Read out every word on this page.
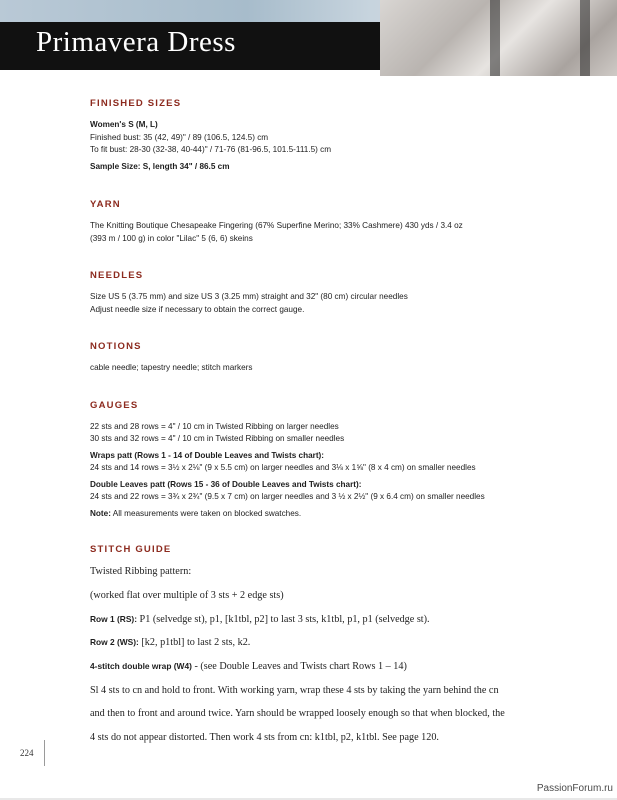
Primavera Dress

FINISHED SIZES

Women's S (M, L)

Finished bust: 35 (42, 49)" / 89 (106.5, 124.5) cm

To fit bust: 28-30 (32-38, 40-44)" / 71-76 (81-96.5, 101.5-111.5) cm

Sample Size: S, length 34" / 86.5 cm

YARN

The Knitting Boutique Chesapeake Fingering (67% Superfine Merino; 33% Cashmere) 430 yds / 3.4 oz

(393 m / 100 g) in color "Lilac" 5 (6, 6) skeins

NEEDLES

Size US 5 (3.75 mm) and size US 3 (3.25 mm) straight and 32" (80 cm) circular needles

Adjust needle size if necessary to obtain the correct gauge.

NOTIONS

cable needle; tapestry needle; stitch markers

GAUGES

22 sts and 28 rows = 4" / 10 cm in Twisted Ribbing on larger needles

30 sts and 32 rows = 4" / 10 cm in Twisted Ribbing on smaller needles

Wraps patt (Rows 1 - 14 of Double Leaves and Twists chart):

24 sts and 14 rows = 3½ x 2⅛" (9 x 5.5 cm) on larger needles and 3⅛ x 1⅝" (8 x 4 cm) on smaller needles

Double Leaves patt (Rows 15 - 36 of Double Leaves and Twists chart):

24 sts and 22 rows = 3¾ x 2¾" (9.5 x 7 cm) on larger needles and 3 ½ x 2½" (9 x 6.4 cm) on smaller needles

Note: All measurements were taken on blocked swatches.

STITCH GUIDE

Twisted Ribbing pattern:

(worked flat over multiple of 3 sts + 2 edge sts)

Row 1 (RS): P1 (selvedge st), p1, [k1tbl, p2] to last 3 sts, k1tbl, p1, p1 (selvedge st).

Row 2 (WS): [k2, p1tbl] to last 2 sts, k2.

4-stitch double wrap (W4) - (see Double Leaves and Twists chart Rows 1 – 14)

Sl 4 sts to cn and hold to front. With working yarn, wrap these 4 sts by taking the yarn behind the cn

and then to front and around twice. Yarn should be wrapped loosely enough so that when blocked, the

4 sts do not appear distorted. Then work 4 sts from cn: k1tbl, p2, k1tbl. See page 120.

224
PassionForum.ru
